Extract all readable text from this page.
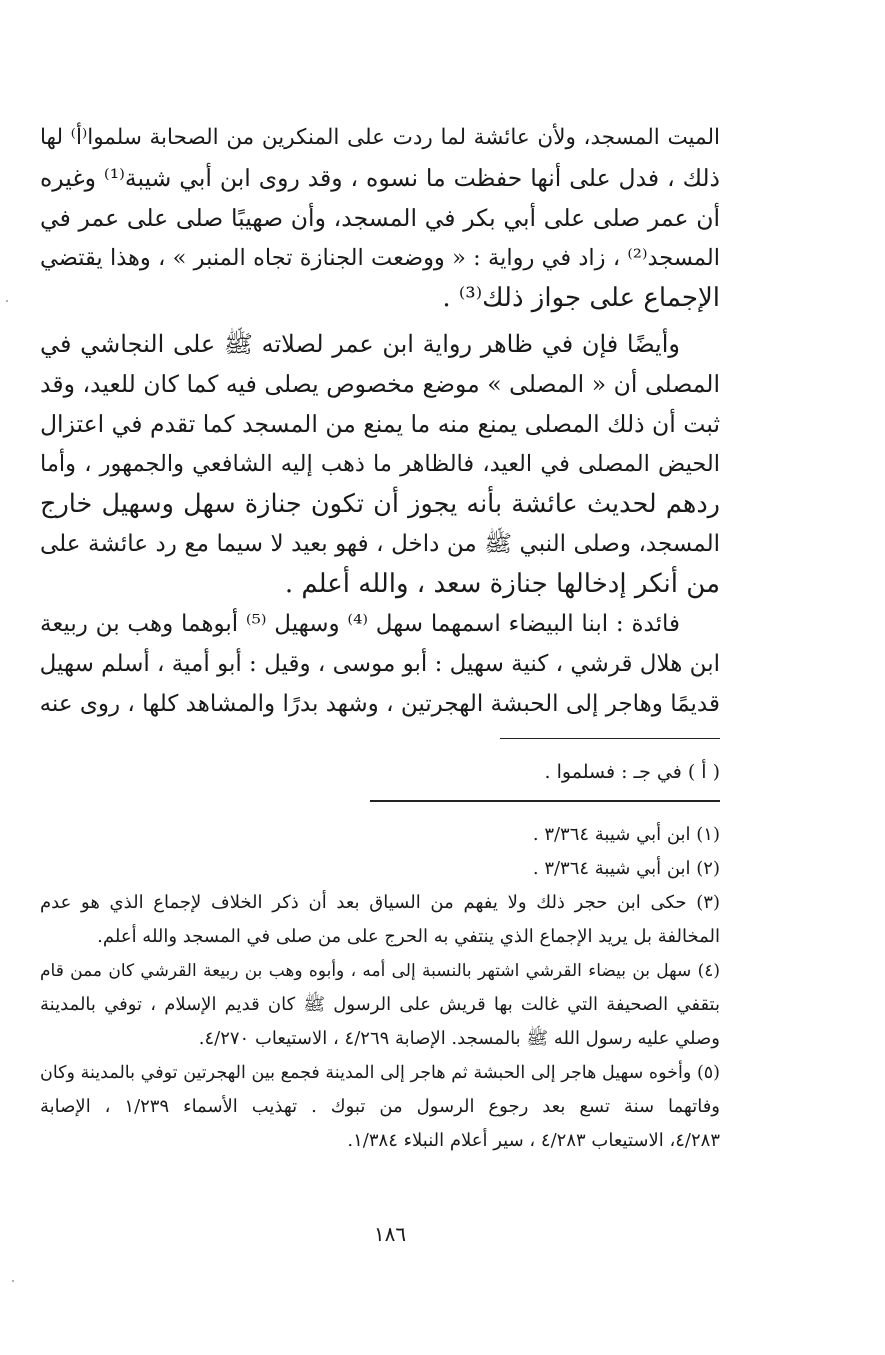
الميت المسجد، ولأن عائشة لما ردت على المنكرين من الصحابة سلموا⁽أ⁾ لها
ذلك ، فدل على أنها حفظت ما نسوه ، وقد روى ابن أبي شيبة⁽¹⁾ وغيره
أن عمر صلى على أبي بكر في المسجد، وأن صهيبًا صلى على عمر في
المسجد⁽²⁾ ، زاد في رواية : « ووضعت الجنازة تجاه المنبر » ، وهذا يقتضي
الإجماع على جواز ذلك⁽³⁾ .
وأيضًا فإن في ظاهر رواية ابن عمر لصلاته ﷺ على النجاشي في
المصلى أن « المصلى » موضع مخصوص يصلى فيه كما كان للعيد، وقد
ثبت أن ذلك المصلى يمنع منه ما يمنع من المسجد كما تقدم في اعتزال
الحيض المصلى في العيد، فالظاهر ما ذهب إليه الشافعي والجمهور ، وأما
ردهم لحديث عائشة بأنه يجوز أن تكون جنازة سهل وسهيل خارج
المسجد، وصلى النبي ﷺ من داخل ، فهو بعيد لا سيما مع رد عائشة على
من أنكر إدخالها جنازة سعد ، والله أعلم .
فائدة : ابنا البيضاء اسمهما سهل ⁽⁴⁾ وسهيل ⁽⁵⁾ أبوهما وهب بن ربيعة
ابن هلال قرشي ، كنية سهيل : أبو موسى ، وقيل : أبو أمية ، أسلم سهيل
قديمًا وهاجر إلى الحبشة الهجرتين ، وشهد بدرًا والمشاهد كلها ، روى عنه
( أ ) في جـ : فسلموا .
(١) ابن أبي شيبة ٣/٣٦٤ .
(٢) ابن أبي شيبة ٣/٣٦٤ .
(٣) حكى ابن حجر ذلك ولا يفهم من السياق بعد أن ذكر الخلاف لإجماع الذي هو عدم
المخالفة بل يريد الإجماع الذي ينتفي به الحرج على من صلى في المسجد والله أعلم.
(٤) سهل بن بيضاء القرشي اشتهر بالنسبة إلى أمه ، وأبوه وهب بن ربيعة القرشي كان ممن قام
بتقفي الصحيفة التي غالت بها قريش على الرسول ﷺ كان قديم الإسلام ، توفي بالمدينة
وصلي عليه رسول الله ﷺ بالمسجد. الإصابة ٤/٢٦٩ ، الاستيعاب ٤/٢٧٠.
(٥) وأخوه سهيل هاجر إلى الحبشة ثم هاجر إلى المدينة فجمع بين الهجرتين توفي بالمدينة وكان
وفاتهما سنة تسع بعد رجوع الرسول من تبوك . تهذيب الأسماء ١/٢٣٩ ، الإصابة
٤/٢٨٣، الاستيعاب ٤/٢٨٣ ، سير أعلام النبلاء ١/٣٨٤.
١٨٦
